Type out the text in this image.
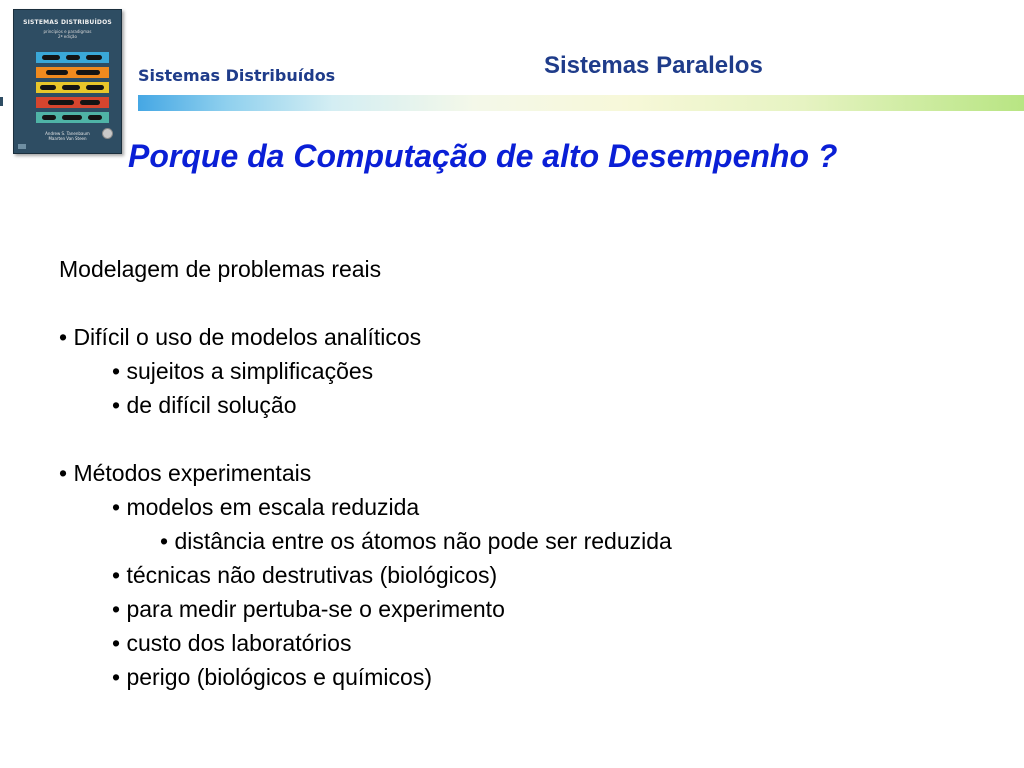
SISTEMAS DISTRIBUÍDOS
princípios e paradigmas
2ª edição
Andrew S. Tanenbaum
Maarten Van Steen
Sistemas Distribuídos	Sistemas Paralelos
Porque da Computação de alto Desempenho ?
Modelagem de problemas reais
• Difícil o uso de modelos analíticos
• sujeitos a simplificações
• de difícil solução
• Métodos experimentais
• modelos em escala reduzida
• distância entre os átomos não pode ser reduzida
• técnicas não destrutivas (biológicos)
• para medir pertuba-se o experimento
• custo dos laboratórios
• perigo (biológicos e químicos)
